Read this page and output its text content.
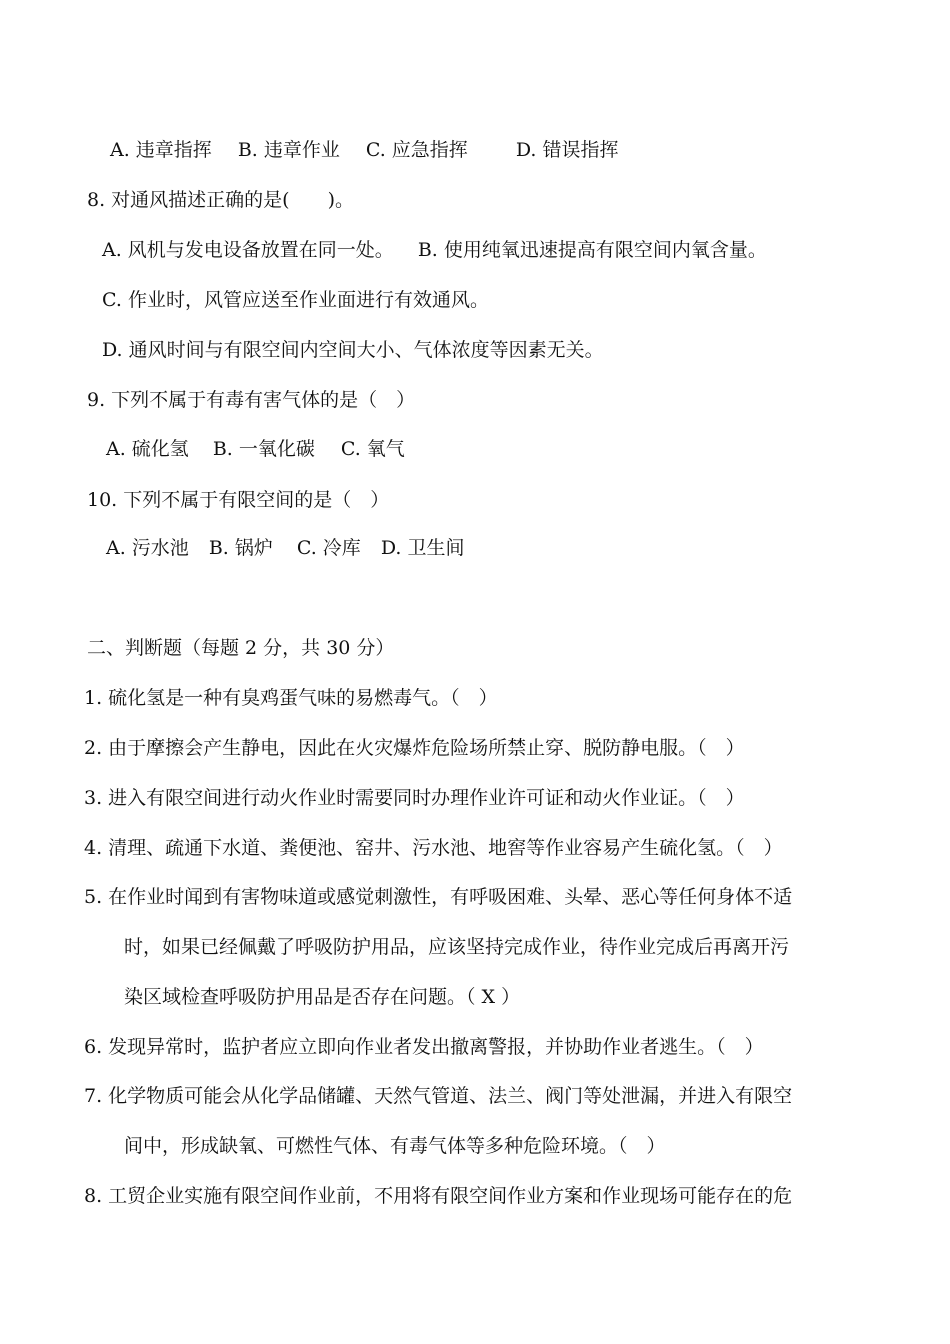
A. 违章指挥 B. 违章作业 C. 应急指挥	D. 错误指挥
8. 对通风描述正确的是(　　)。
A. 风机与发电设备放置在同一处。 B. 使用纯氧迅速提高有限空间内氧含量。
C. 作业时，风管应送至作业面进行有效通风。
D. 通风时间与有限空间内空间大小、气体浓度等因素无关。
9. 下列不属于有毒有害气体的是（　）
A. 硫化氢 B. 一氧化碳 C. 氧气
10. 下列不属于有限空间的是（　）
A. 污水池 B. 锅炉 C. 冷库 D. 卫生间
二、判断题（每题 2 分，共 30 分）
1. 硫化氢是一种有臭鸡蛋气味的易燃毒气。（　）
2. 由于摩擦会产生静电，因此在火灾爆炸危险场所禁止穿、脱防静电服。（　）
3. 进入有限空间进行动火作业时需要同时办理作业许可证和动火作业证。（　）
4. 清理、疏通下水道、粪便池、窑井、污水池、地窖等作业容易产生硫化氢。（　）
5. 在作业时闻到有害物味道或感觉刺激性，有呼吸困难、头晕、恶心等任何身体不适
时，如果已经佩戴了呼吸防护用品，应该坚持完成作业，待作业完成后再离开污
染区域检查呼吸防护用品是否存在问题。（ X ）
6. 发现异常时，监护者应立即向作业者发出撤离警报，并协助作业者逃生。（　）
7. 化学物质可能会从化学品储罐、天然气管道、法兰、阀门等处泄漏，并进入有限空
间中，形成缺氧、可燃性气体、有毒气体等多种危险环境。（　）
8. 工贸企业实施有限空间作业前，不用将有限空间作业方案和作业现场可能存在的危
